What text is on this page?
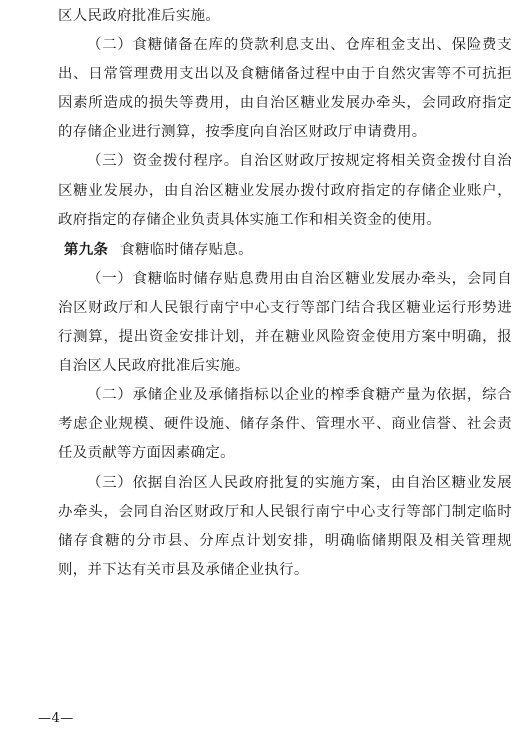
区人民政府批准后实施。

（二）食糖储备在库的贷款利息支出、仓库租金支出、保险费支出、日常管理费用支出以及食糖储备过程中由于自然灾害等不可抗拒因素所造成的损失等费用，由自治区糖业发展办牵头，会同政府指定的存储企业进行测算，按季度向自治区财政厅申请费用。

（三）资金拨付程序。自治区财政厅按规定将相关资金拨付自治区糖业发展办，由自治区糖业发展办拨付政府指定的存储企业账户，政府指定的存储企业负责具体实施工作和相关资金的使用。

第九条 食糖临时储存贴息。

（一）食糖临时储存贴息费用由自治区糖业发展办牵头，会同自治区财政厅和人民银行南宁中心支行等部门结合我区糖业运行形势进行测算，提出资金安排计划，并在糖业风险资金使用方案中明确，报自治区人民政府批准后实施。

（二）承储企业及承储指标以企业的榨季食糖产量为依据，综合考虑企业规模、硬件设施、储存条件、管理水平、商业信誉、社会责任及贡献等方面因素确定。

（三）依据自治区人民政府批复的实施方案，由自治区糖业发展办牵头，会同自治区财政厅和人民银行南宁中心支行等部门制定临时储存食糖的分市县、分库点计划安排，明确临储期限及相关管理规则，并下达有关市县及承储企业执行。

—4—
